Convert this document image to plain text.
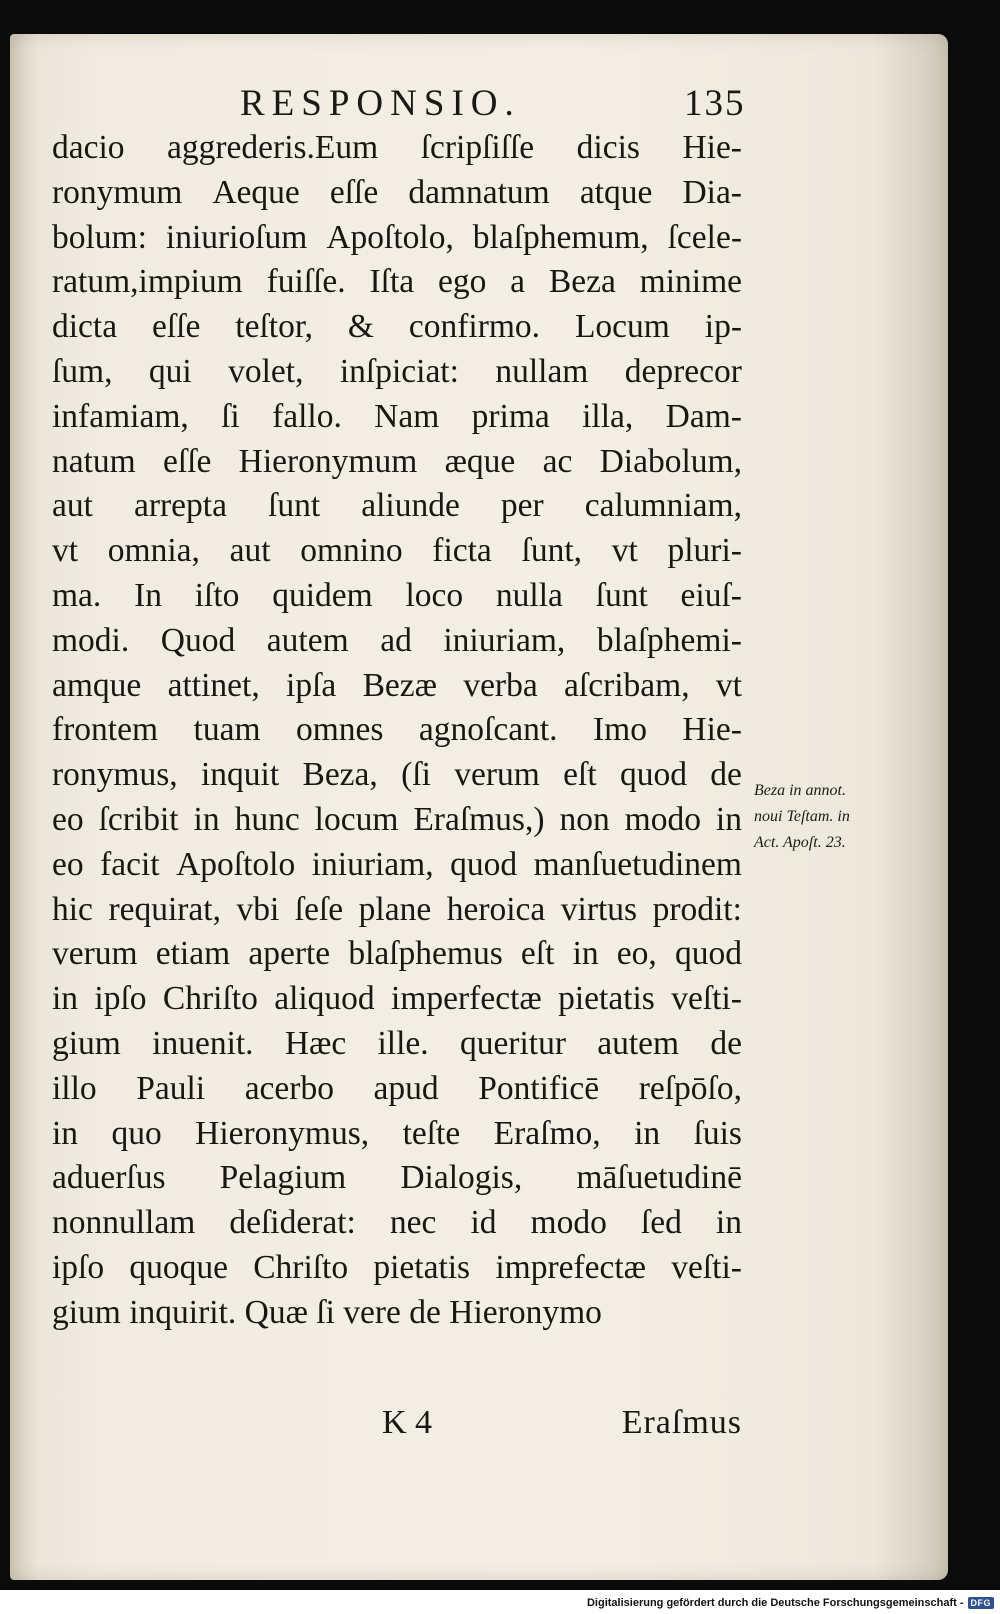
RESPONSIO.	135
dacio aggrederis.Eum ſcripſiſſe dicis Hie-
ronymum Aeque eſſe damnatum atque Dia-
bolum: iniurioſum Apoſtolo, blaſphemum, ſcele-
ratum,impium fuiſſe. Iſta ego a Beza minime
dicta eſſe teſtor, & confirmo. Locum ip-
ſum, qui volet, inſpiciat: nullam deprecor
infamiam, ſi fallo. Nam prima illa, Dam-
natum eſſe Hieronymum æque ac Diabolum,
aut arrepta ſunt aliunde per calumniam,
vt omnia, aut omnino ficta ſunt, vt pluri-
ma. In iſto quidem loco nulla ſunt eiuſ-
modi. Quod autem ad iniuriam, blaſphemi-
amque attinet, ipſa Bezæ verba aſcribam, vt
frontem tuam omnes agnoſcant. Imo Hie-
ronymus, inquit Beza, (ſi verum eſt quod de
eo ſcribit in hunc locum Eraſmus,) non modo in
eo facit Apoſtolo iniuriam, quod manſuetudinem
hic requirat, vbi ſeſe plane heroica virtus prodit:
verum etiam aperte blaſphemus eſt in eo, quod
in ipſo Chriſto aliquod imperfectæ pietatis veſti-
gium inuenit. Hæc ille. queritur autem de
illo Pauli acerbo apud Pontificē reſpōſo,
in quo Hieronymus, teſte Eraſmo, in ſuis
aduerſus Pelagium Dialogis, māſuetudinē
nonnullam deſiderat: nec id modo ſed in
ipſo quoque Chriſto pietatis imprefectæ veſti-
gium inquirit. Quæ ſi vere de Hieronymo
Beza in annot.
noui Teſtam. in
Act. Apoſt. 23.
K 4	Eraſmus
Digitalisierung gefördert durch die Deutsche Forschungsgemeinschaft - DFG
